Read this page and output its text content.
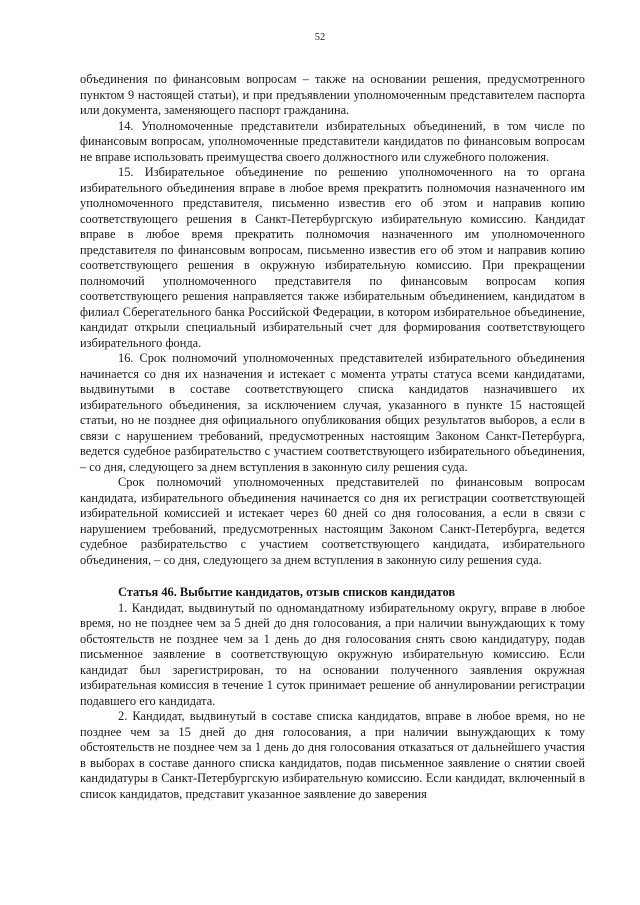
52

объединения по финансовым вопросам – также на основании решения, предусмотренного пунктом 9 настоящей статьи), и при предъявлении уполномоченным представителем паспорта или документа, заменяющего паспорт гражданина.

14. Уполномоченные представители избирательных объединений, в том числе по финансовым вопросам, уполномоченные представители кандидатов по финансовым вопросам не вправе использовать преимущества своего должностного или служебного положения.

15. Избирательное объединение по решению уполномоченного на то органа избирательного объединения вправе в любое время прекратить полномочия назначенного им уполномоченного представителя, письменно известив его об этом и направив копию соответствующего решения в Санкт-Петербургскую избирательную комиссию. Кандидат вправе в любое время прекратить полномочия назначенного им уполномоченного представителя по финансовым вопросам, письменно известив его об этом и направив копию соответствующего решения в окружную избирательную комиссию. При прекращении полномочий уполномоченного представителя по финансовым вопросам копия соответствующего решения направляется также избирательным объединением, кандидатом в филиал Сберегательного банка Российской Федерации, в котором избирательное объединение, кандидат открыли специальный избирательный счет для формирования соответствующего избирательного фонда.

16. Срок полномочий уполномоченных представителей избирательного объединения начинается со дня их назначения и истекает с момента утраты статуса всеми кандидатами, выдвинутыми в составе соответствующего списка кандидатов назначившего их избирательного объединения, за исключением случая, указанного в пункте 15 настоящей статьи, но не позднее дня официального опубликования общих результатов выборов, а если в связи с нарушением требований, предусмотренных настоящим Законом Санкт-Петербурга, ведется судебное разбирательство с участием соответствующего избирательного объединения, – со дня, следующего за днем вступления в законную силу решения суда.

Срок полномочий уполномоченных представителей по финансовым вопросам кандидата, избирательного объединения начинается со дня их регистрации соответствующей избирательной комиссией и истекает через 60 дней со дня голосования, а если в связи с нарушением требований, предусмотренных настоящим Законом Санкт-Петербурга, ведется судебное разбирательство с участием соответствующего кандидата, избирательного объединения, – со дня, следующего за днем вступления в законную силу решения суда.

Статья 46. Выбытие кандидатов, отзыв списков кандидатов

1. Кандидат, выдвинутый по одномандатному избирательному округу, вправе в любое время, но не позднее чем за 5 дней до дня голосования, а при наличии вынуждающих к тому обстоятельств не позднее чем за 1 день до дня голосования снять свою кандидатуру, подав письменное заявление в соответствующую окружную избирательную комиссию. Если кандидат был зарегистрирован, то на основании полученного заявления окружная избирательная комиссия в течение 1 суток принимает решение об аннулировании регистрации подавшего его кандидата.

2. Кандидат, выдвинутый в составе списка кандидатов, вправе в любое время, но не позднее чем за 15 дней до дня голосования, а при наличии вынуждающих к тому обстоятельств не позднее чем за 1 день до дня голосования отказаться от дальнейшего участия в выборах в составе данного списка кандидатов, подав письменное заявление о снятии своей кандидатуры в Санкт-Петербургскую избирательную комиссию. Если кандидат, включенный в список кандидатов, представит указанное заявление до заверения
